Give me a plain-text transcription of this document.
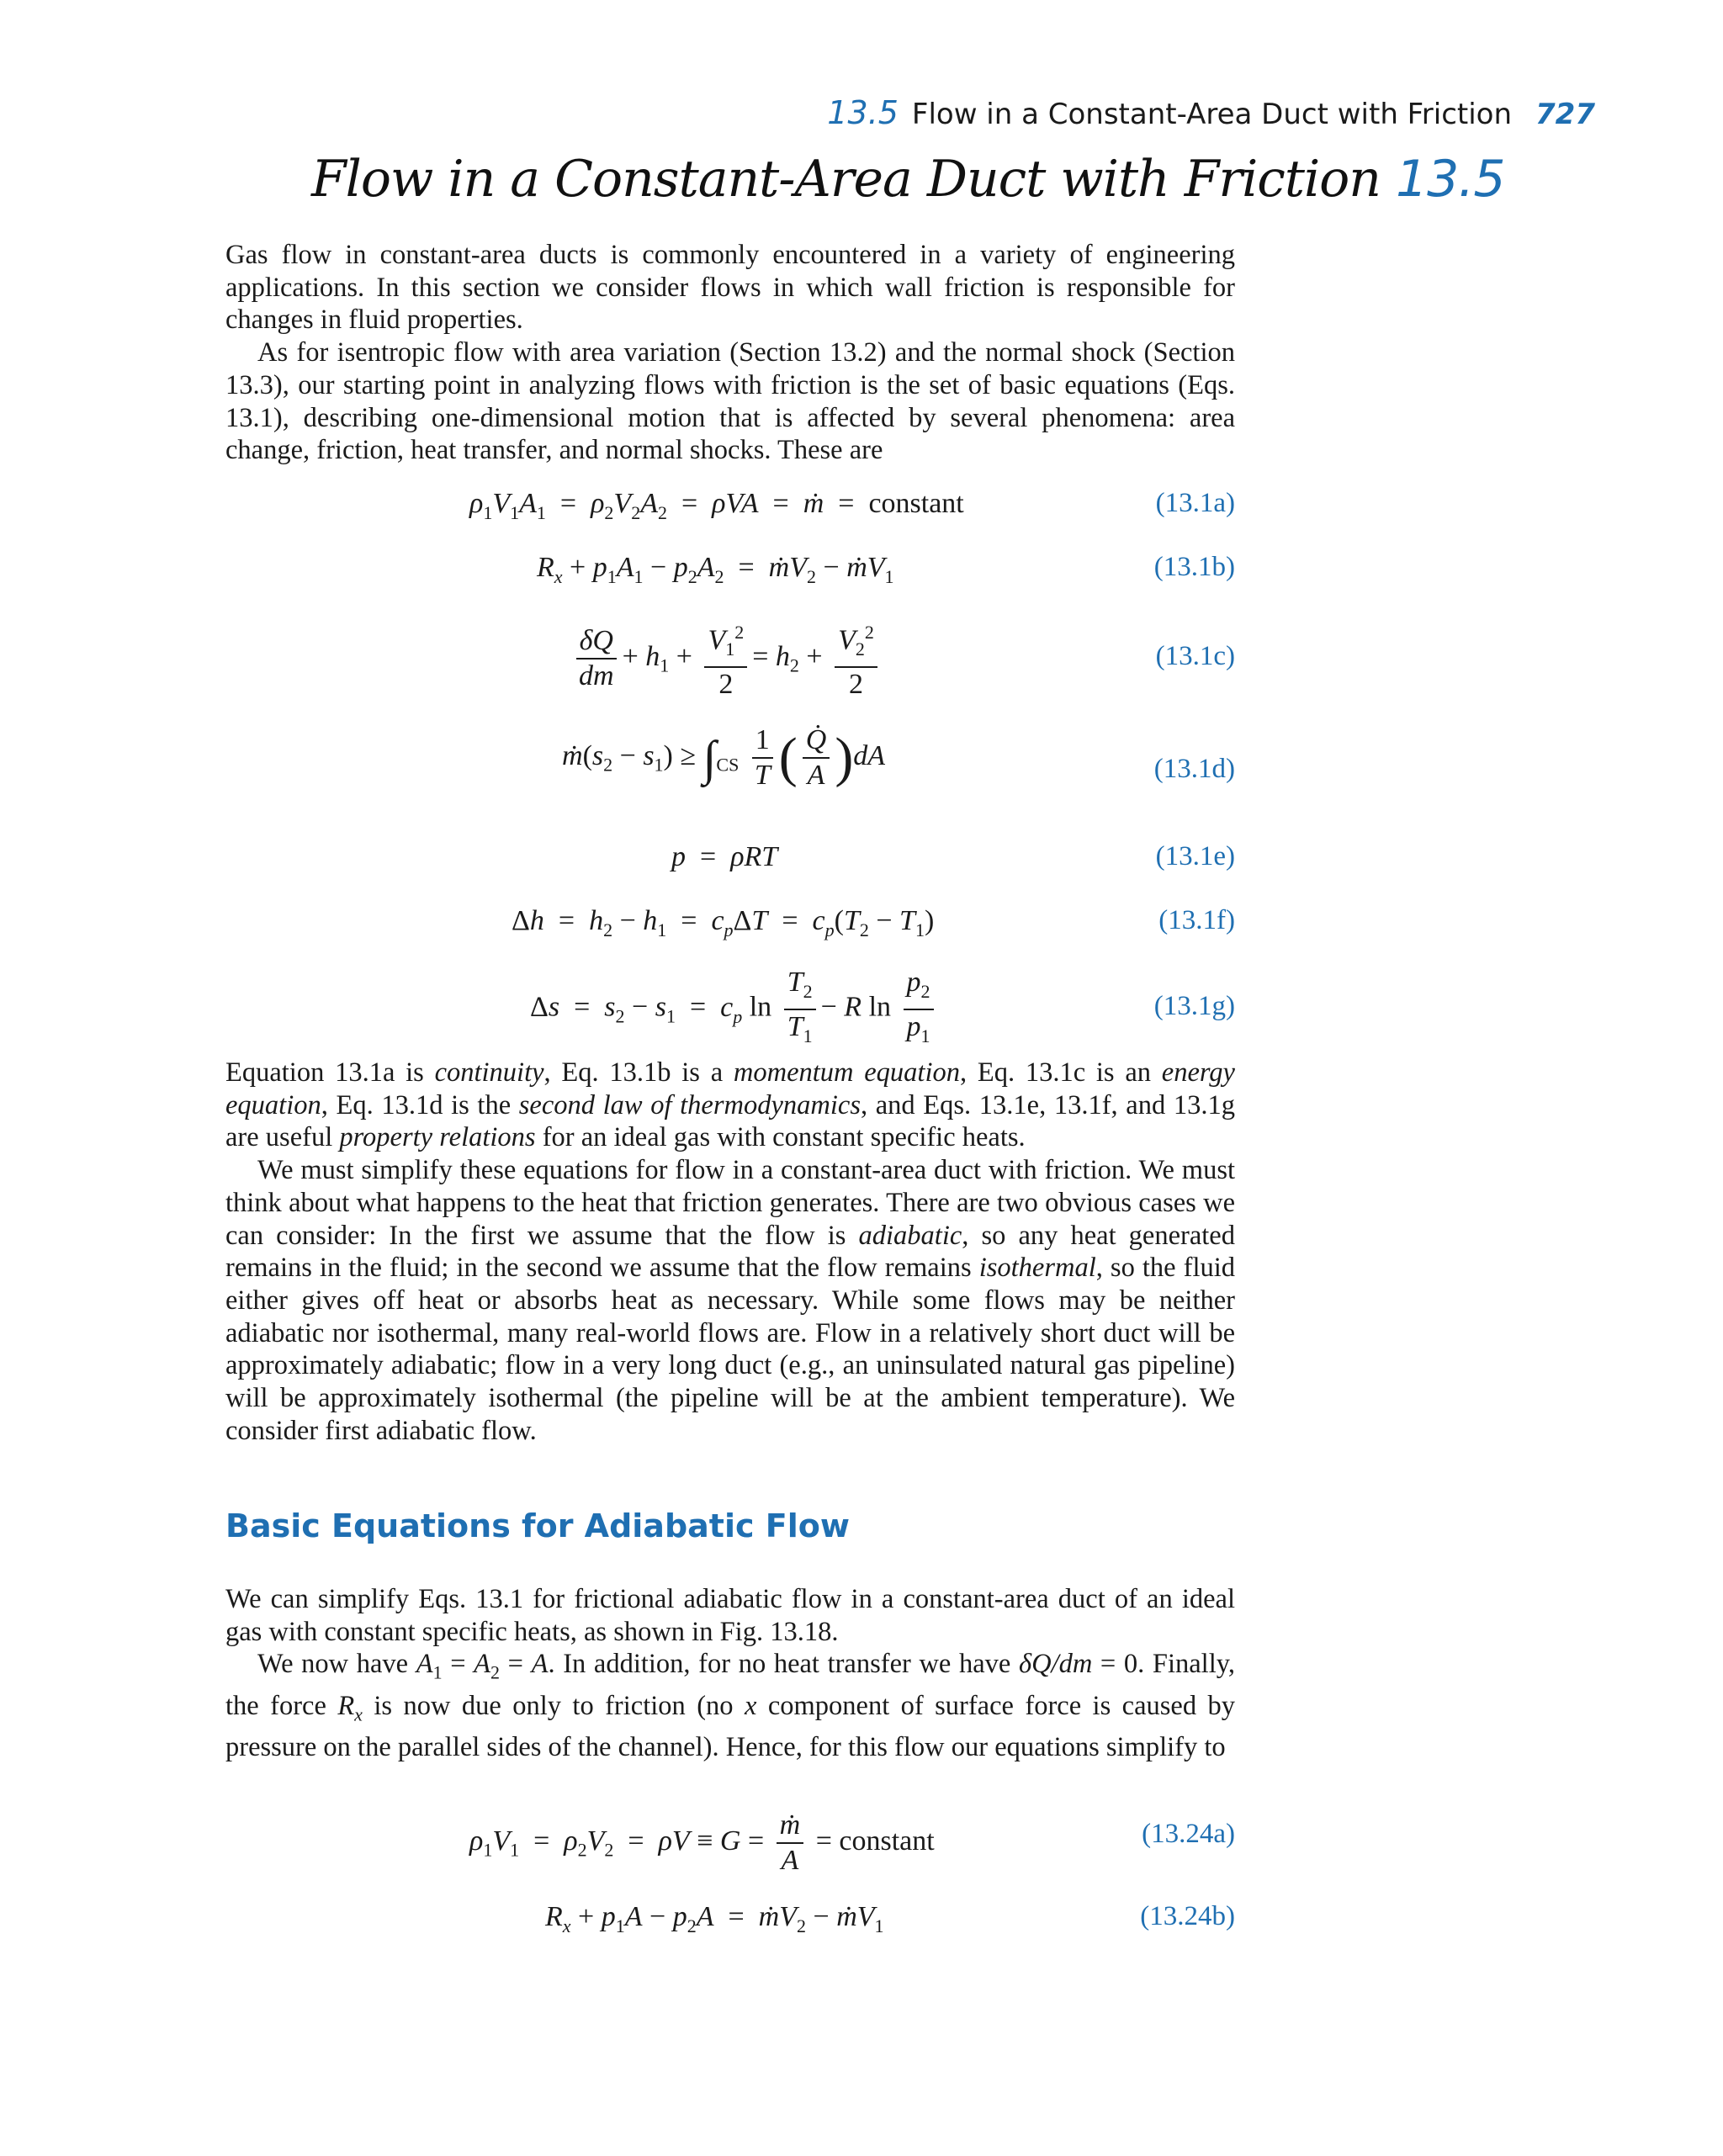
13.5 Flow in a Constant-Area Duct with Friction 727
Flow in a Constant-Area Duct with Friction 13.5

Gas flow in constant-area ducts is commonly encountered in a variety of engineering applications. In this section we consider flows in which wall friction is responsible for changes in fluid properties.

As for isentropic flow with area variation (Section 13.2) and the normal shock (Section 13.3), our starting point in analyzing flows with friction is the set of basic equations (Eqs. 13.1), describing one-dimensional motion that is affected by several phenomena: area change, friction, heat transfer, and normal shocks. These are

$\rho_1V_1A_1 = \rho_2V_2A_2 = \rho VA$  =  ṁ  =  constant	(13.1a)
$R_x + p_1A_1 - p_2A_2$  =  ṁV$_2$ − ṁV$_1$	(13.1b)
$\frac{\delta Q}{dm} + h_1 + \frac{V_1^2}{2} = h_2 + \frac{V_2^2}{2}$	(13.1c)
$ṁ(s_2 - s_1) \ge \int_{CS} \frac{1}{T}$ ( $\frac{Q̇}{A} )dA$	(13.1d)
p  =  ρRT	(13.1e)
$\Delta h = h_2 - h_1 = c_p\Delta T = c_p(T_2 - T_1)$	(13.1f)
$\Delta s = s_2 - s_1 = c_p$ $\ln \frac{T_2}{T_1} - R$ $\ln \frac{p_2}{p_1}$	(13.1g)

Equation 13.1a is continuity, Eq. 13.1b is a momentum equation, Eq. 13.1c is an energy equation, Eq. 13.1d is the second law of thermodynamics, and Eqs. 13.1e, 13.1f, and 13.1g are useful property relations for an ideal gas with constant specific heats.

We must simplify these equations for flow in a constant-area duct with friction. We must think about what happens to the heat that friction generates. There are two obvious cases we can consider: In the first we assume that the flow is adiabatic, so any heat generated remains in the fluid; in the second we assume that the flow remains isothermal, so the fluid either gives off heat or absorbs heat as necessary. While some flows may be neither adiabatic nor isothermal, many real-world flows are. Flow in a relatively short duct will be approximately adiabatic; flow in a very long duct (e.g., an uninsulated natural gas pipeline) will be approximately isothermal (the pipeline will be at the ambient temperature). We consider first adiabatic flow.

Basic Equations for Adiabatic Flow

We can simplify Eqs. 13.1 for frictional adiabatic flow in a constant-area duct of an ideal gas with constant specific heats, as shown in Fig. 13.18.

We now have $A_1 = A_2 = A$. In addition, for no heat transfer we have δQ/dm = 0. Finally, the force $R_x$ is now due only to friction (no x component of surface force is caused by pressure on the parallel sides of the channel). Hence, for this flow our equations simplify to

$\rho_1V_1 = \rho_2V_2 = \rho V \equiv G = \frac{\text{ṁ}}{A}$ = constant	(13.24a)
$R_x + p_1A - p_2A$  =  ṁV$_2$ − ṁV$_1$	(13.24b)
